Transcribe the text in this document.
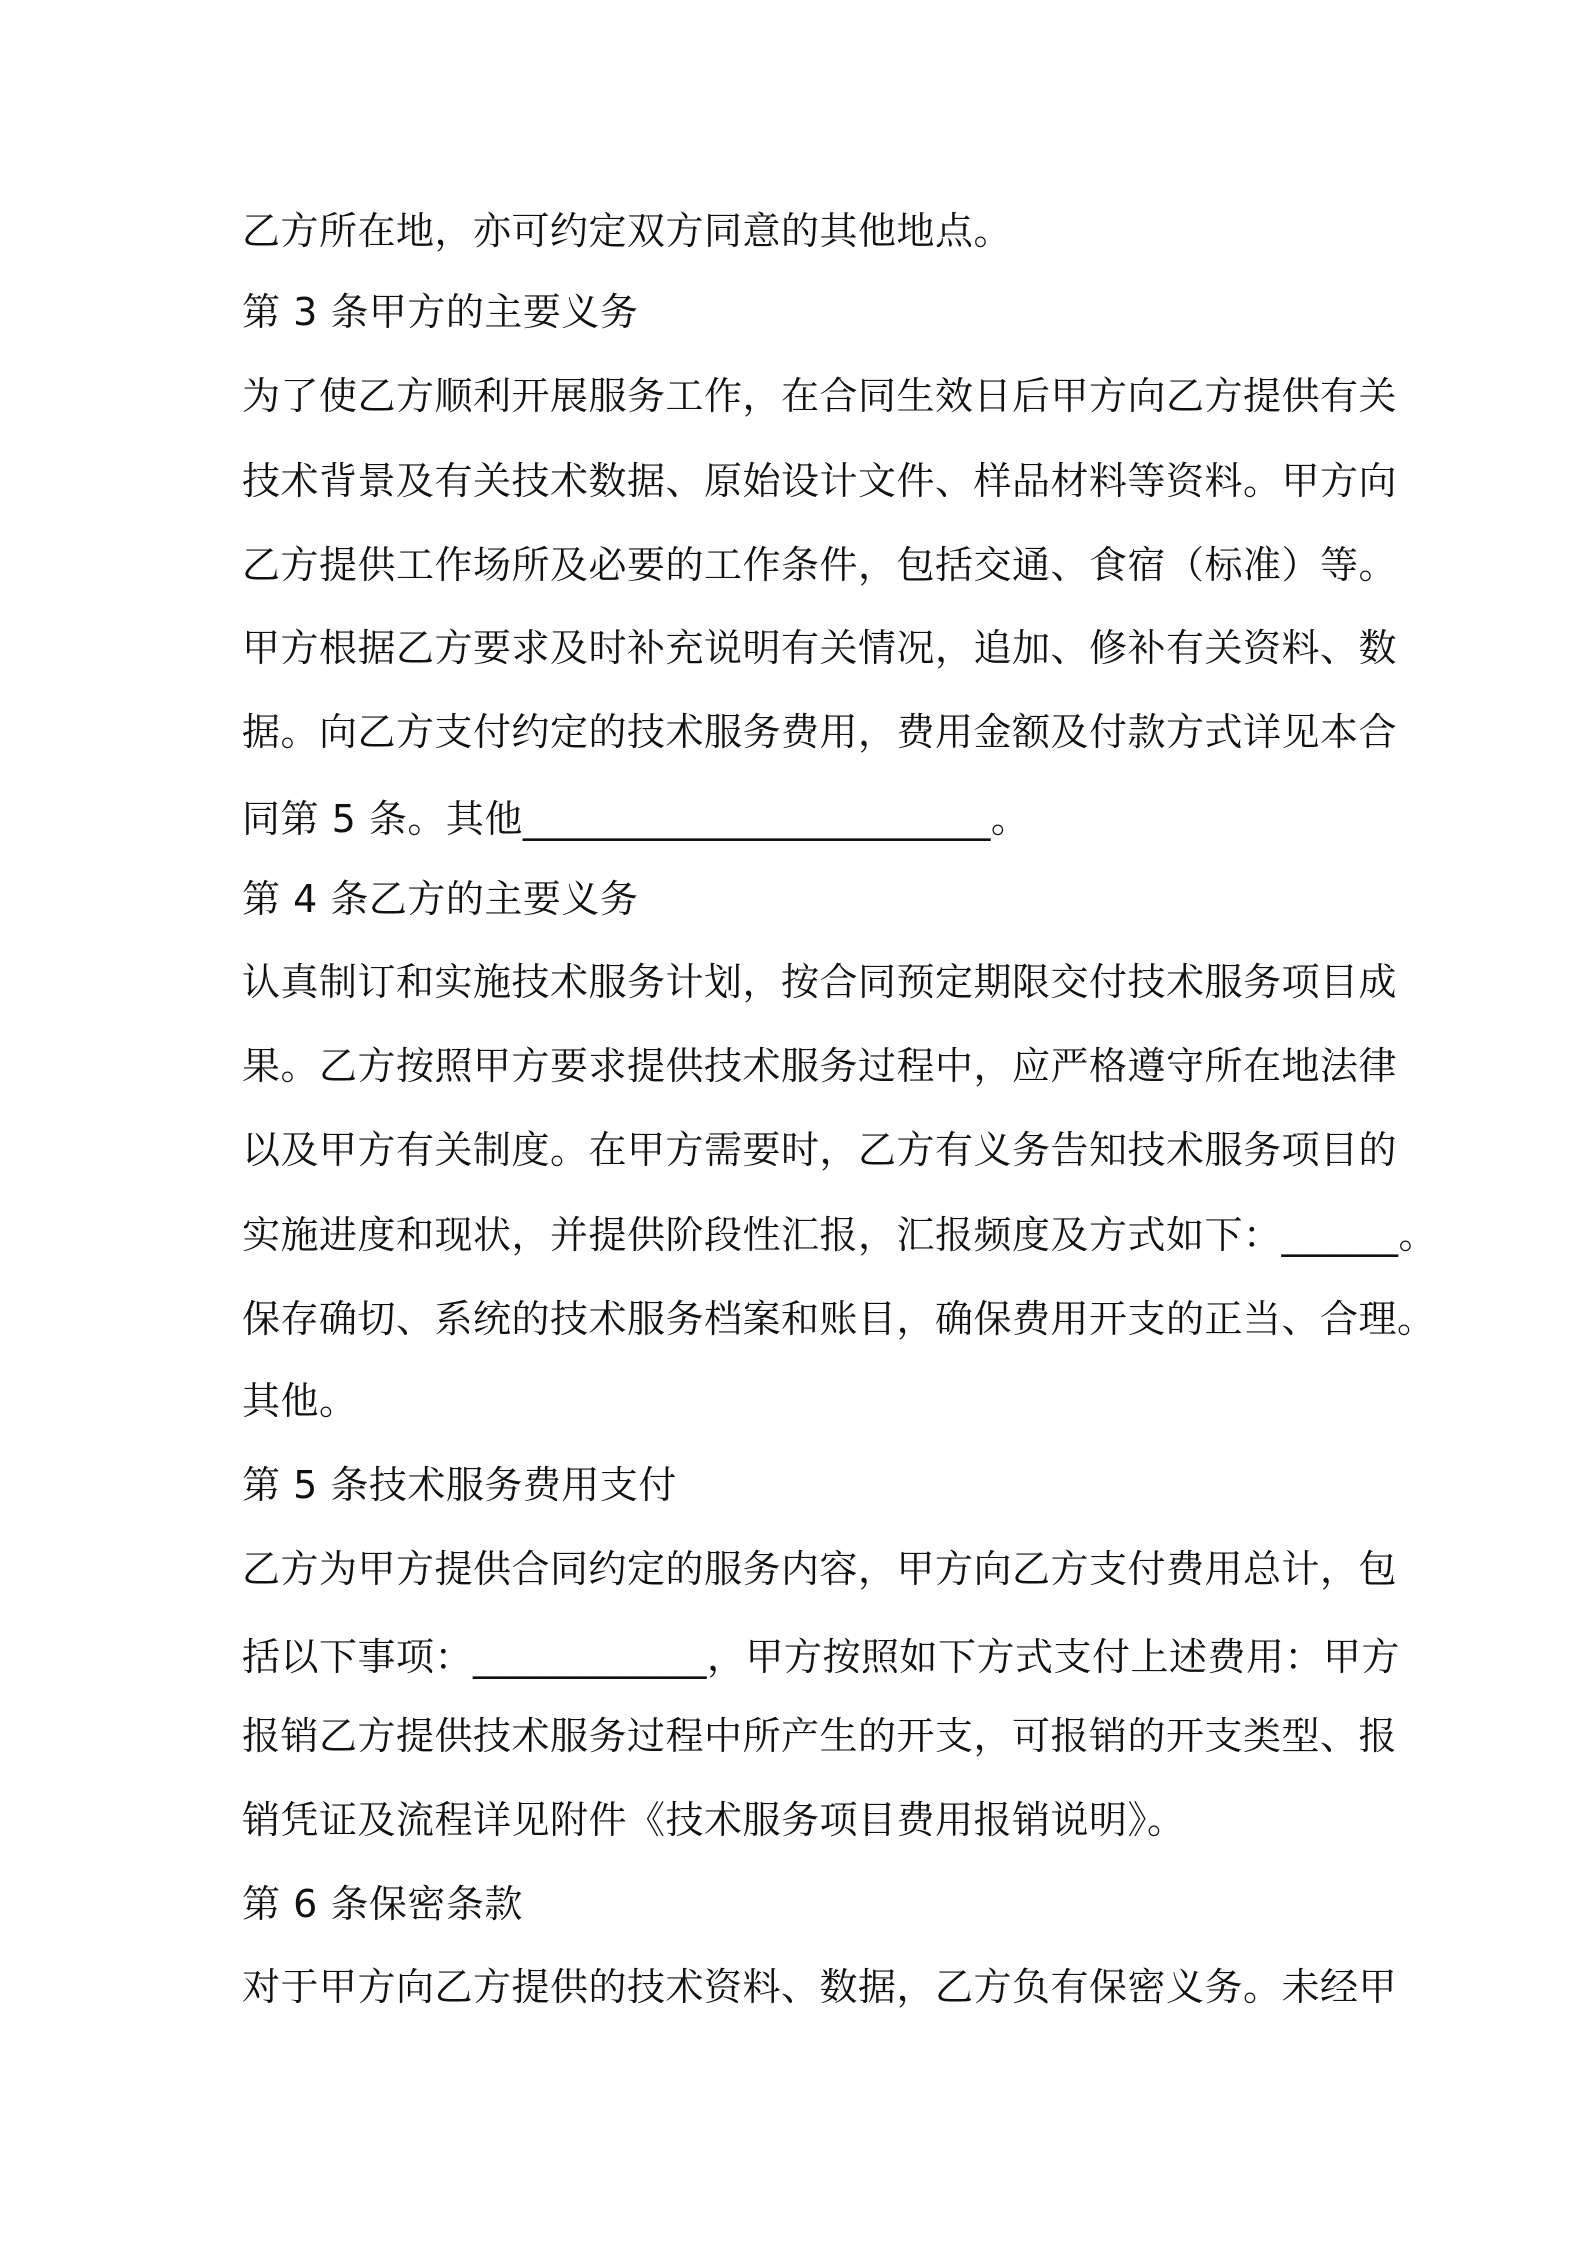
乙方所在地，亦可约定双方同意的其他地点。
第 3 条甲方的主要义务
为了使乙方顺利开展服务工作，在合同生效日后甲方向乙方提供有关
技术背景及有关技术数据、原始设计文件、样品材料等资料。甲方向
乙方提供工作场所及必要的工作条件，包括交通、食宿（标准）等。
甲方根据乙方要求及时补充说明有关情况，追加、修补有关资料、数
据。向乙方支付约定的技术服务费用，费用金额及付款方式详见本合
同第 5 条。其他________________________。
第 4 条乙方的主要义务
认真制订和实施技术服务计划，按合同预定期限交付技术服务项目成
果。乙方按照甲方要求提供技术服务过程中，应严格遵守所在地法律
以及甲方有关制度。在甲方需要时，乙方有义务告知技术服务项目的
实施进度和现状，并提供阶段性汇报，汇报频度及方式如下：______。
保存确切、系统的技术服务档案和账目，确保费用开支的正当、合理。
其他。
第 5 条技术服务费用支付
乙方为甲方提供合同约定的服务内容，甲方向乙方支付费用总计，包
括以下事项：____________，甲方按照如下方式支付上述费用：甲方
报销乙方提供技术服务过程中所产生的开支，可报销的开支类型、报
销凭证及流程详见附件《技术服务项目费用报销说明》。
第 6 条保密条款
对于甲方向乙方提供的技术资料、数据，乙方负有保密义务。未经甲
